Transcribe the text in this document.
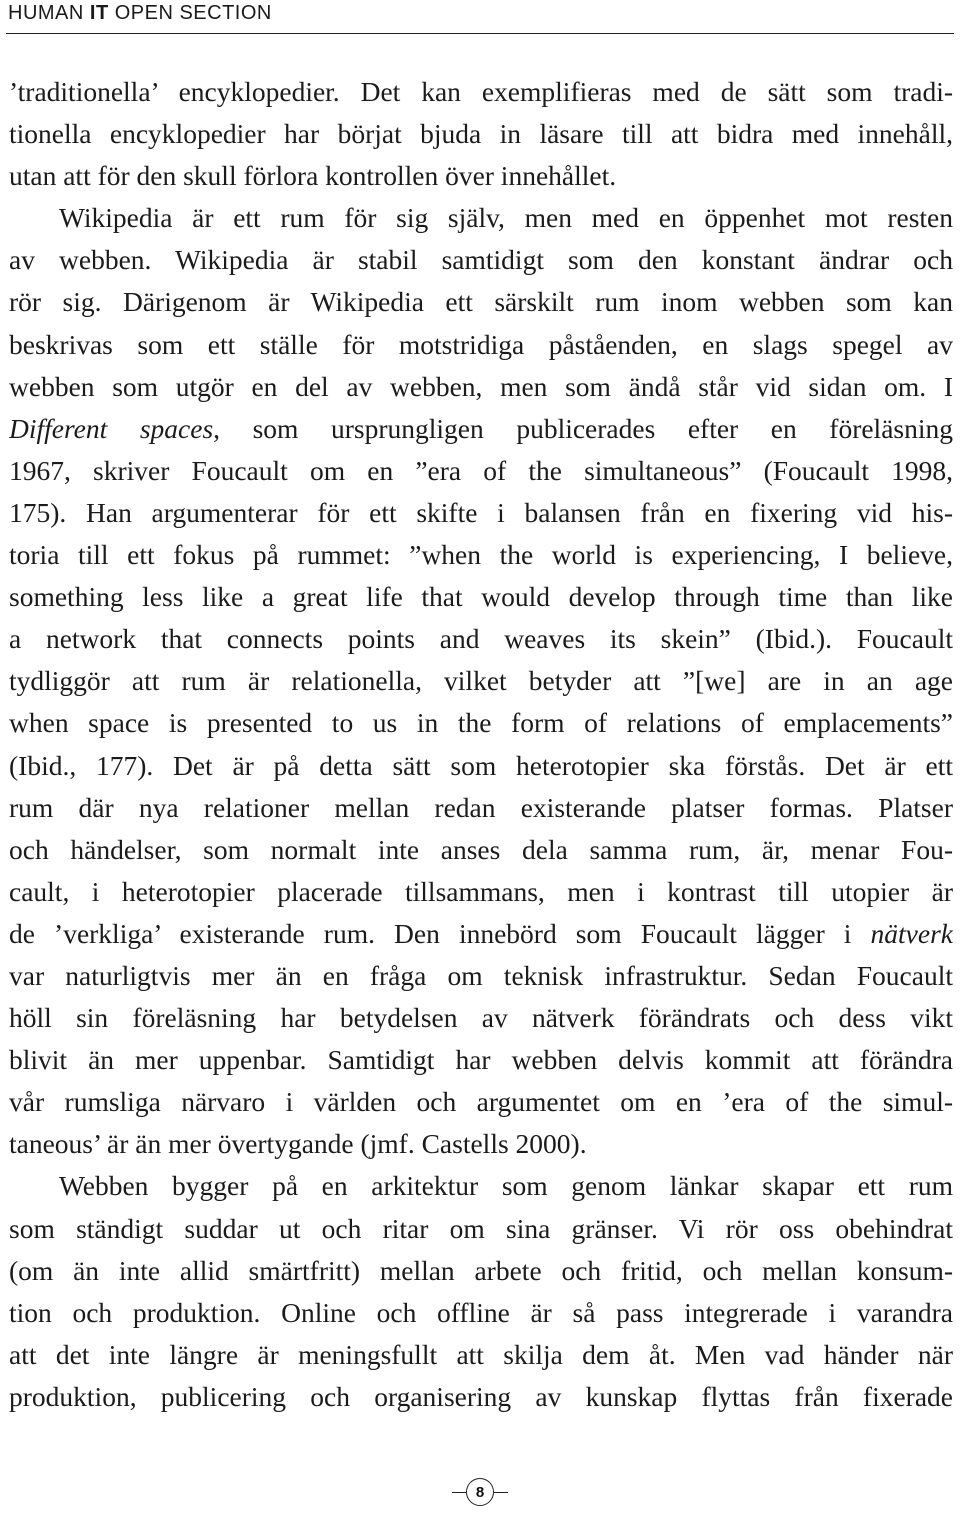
HUMAN IT OPEN SECTION
’traditionella’ encyklopedier. Det kan exemplifieras med de sätt som tradi-
tionella encyklopedier har börjat bjuda in läsare till att bidra med innehåll,
utan att för den skull förlora kontrollen över innehållet.
Wikipedia är ett rum för sig själv, men med en öppenhet mot resten
av webben. Wikipedia är stabil samtidigt som den konstant ändrar och
rör sig. Därigenom är Wikipedia ett särskilt rum inom webben som kan
beskrivas som ett ställe för motstridiga påståenden, en slags spegel av
webben som utgör en del av webben, men som ändå står vid sidan om. I
Different spaces, som ursprungligen publicerades efter en föreläsning
1967, skriver Foucault om en ”era of the simultaneous” (Foucault 1998,
175). Han argumenterar för ett skifte i balansen från en fixering vid his-
toria till ett fokus på rummet: ”when the world is experiencing, I believe,
something less like a great life that would develop through time than like
a network that connects points and weaves its skein” (Ibid.). Foucault
tydliggör att rum är relationella, vilket betyder att ”[we] are in an age
when space is presented to us in the form of relations of emplacements”
(Ibid., 177). Det är på detta sätt som heterotopier ska förstås. Det är ett
rum där nya relationer mellan redan existerande platser formas. Platser
och händelser, som normalt inte anses dela samma rum, är, menar Fou-
cault, i heterotopier placerade tillsammans, men i kontrast till utopier är
de ’verkliga’ existerande rum. Den innebörd som Foucault lägger i nätverk
var naturligtvis mer än en fråga om teknisk infrastruktur. Sedan Foucault
höll sin föreläsning har betydelsen av nätverk förändrats och dess vikt
blivit än mer uppenbar. Samtidigt har webben delvis kommit att förändra
vår rumsliga närvaro i världen och argumentet om en ’era of the simul-
taneous’ är än mer övertygande (jmf. Castells 2000).
Webben bygger på en arkitektur som genom länkar skapar ett rum
som ständigt suddar ut och ritar om sina gränser. Vi rör oss obehindrat
(om än inte allid smärtfritt) mellan arbete och fritid, och mellan konsum-
tion och produktion. Online och offline är så pass integrerade i varandra
att det inte längre är meningsfullt att skilja dem åt. Men vad händer när
produktion, publicering och organisering av kunskap flyttas från fixerade
8
